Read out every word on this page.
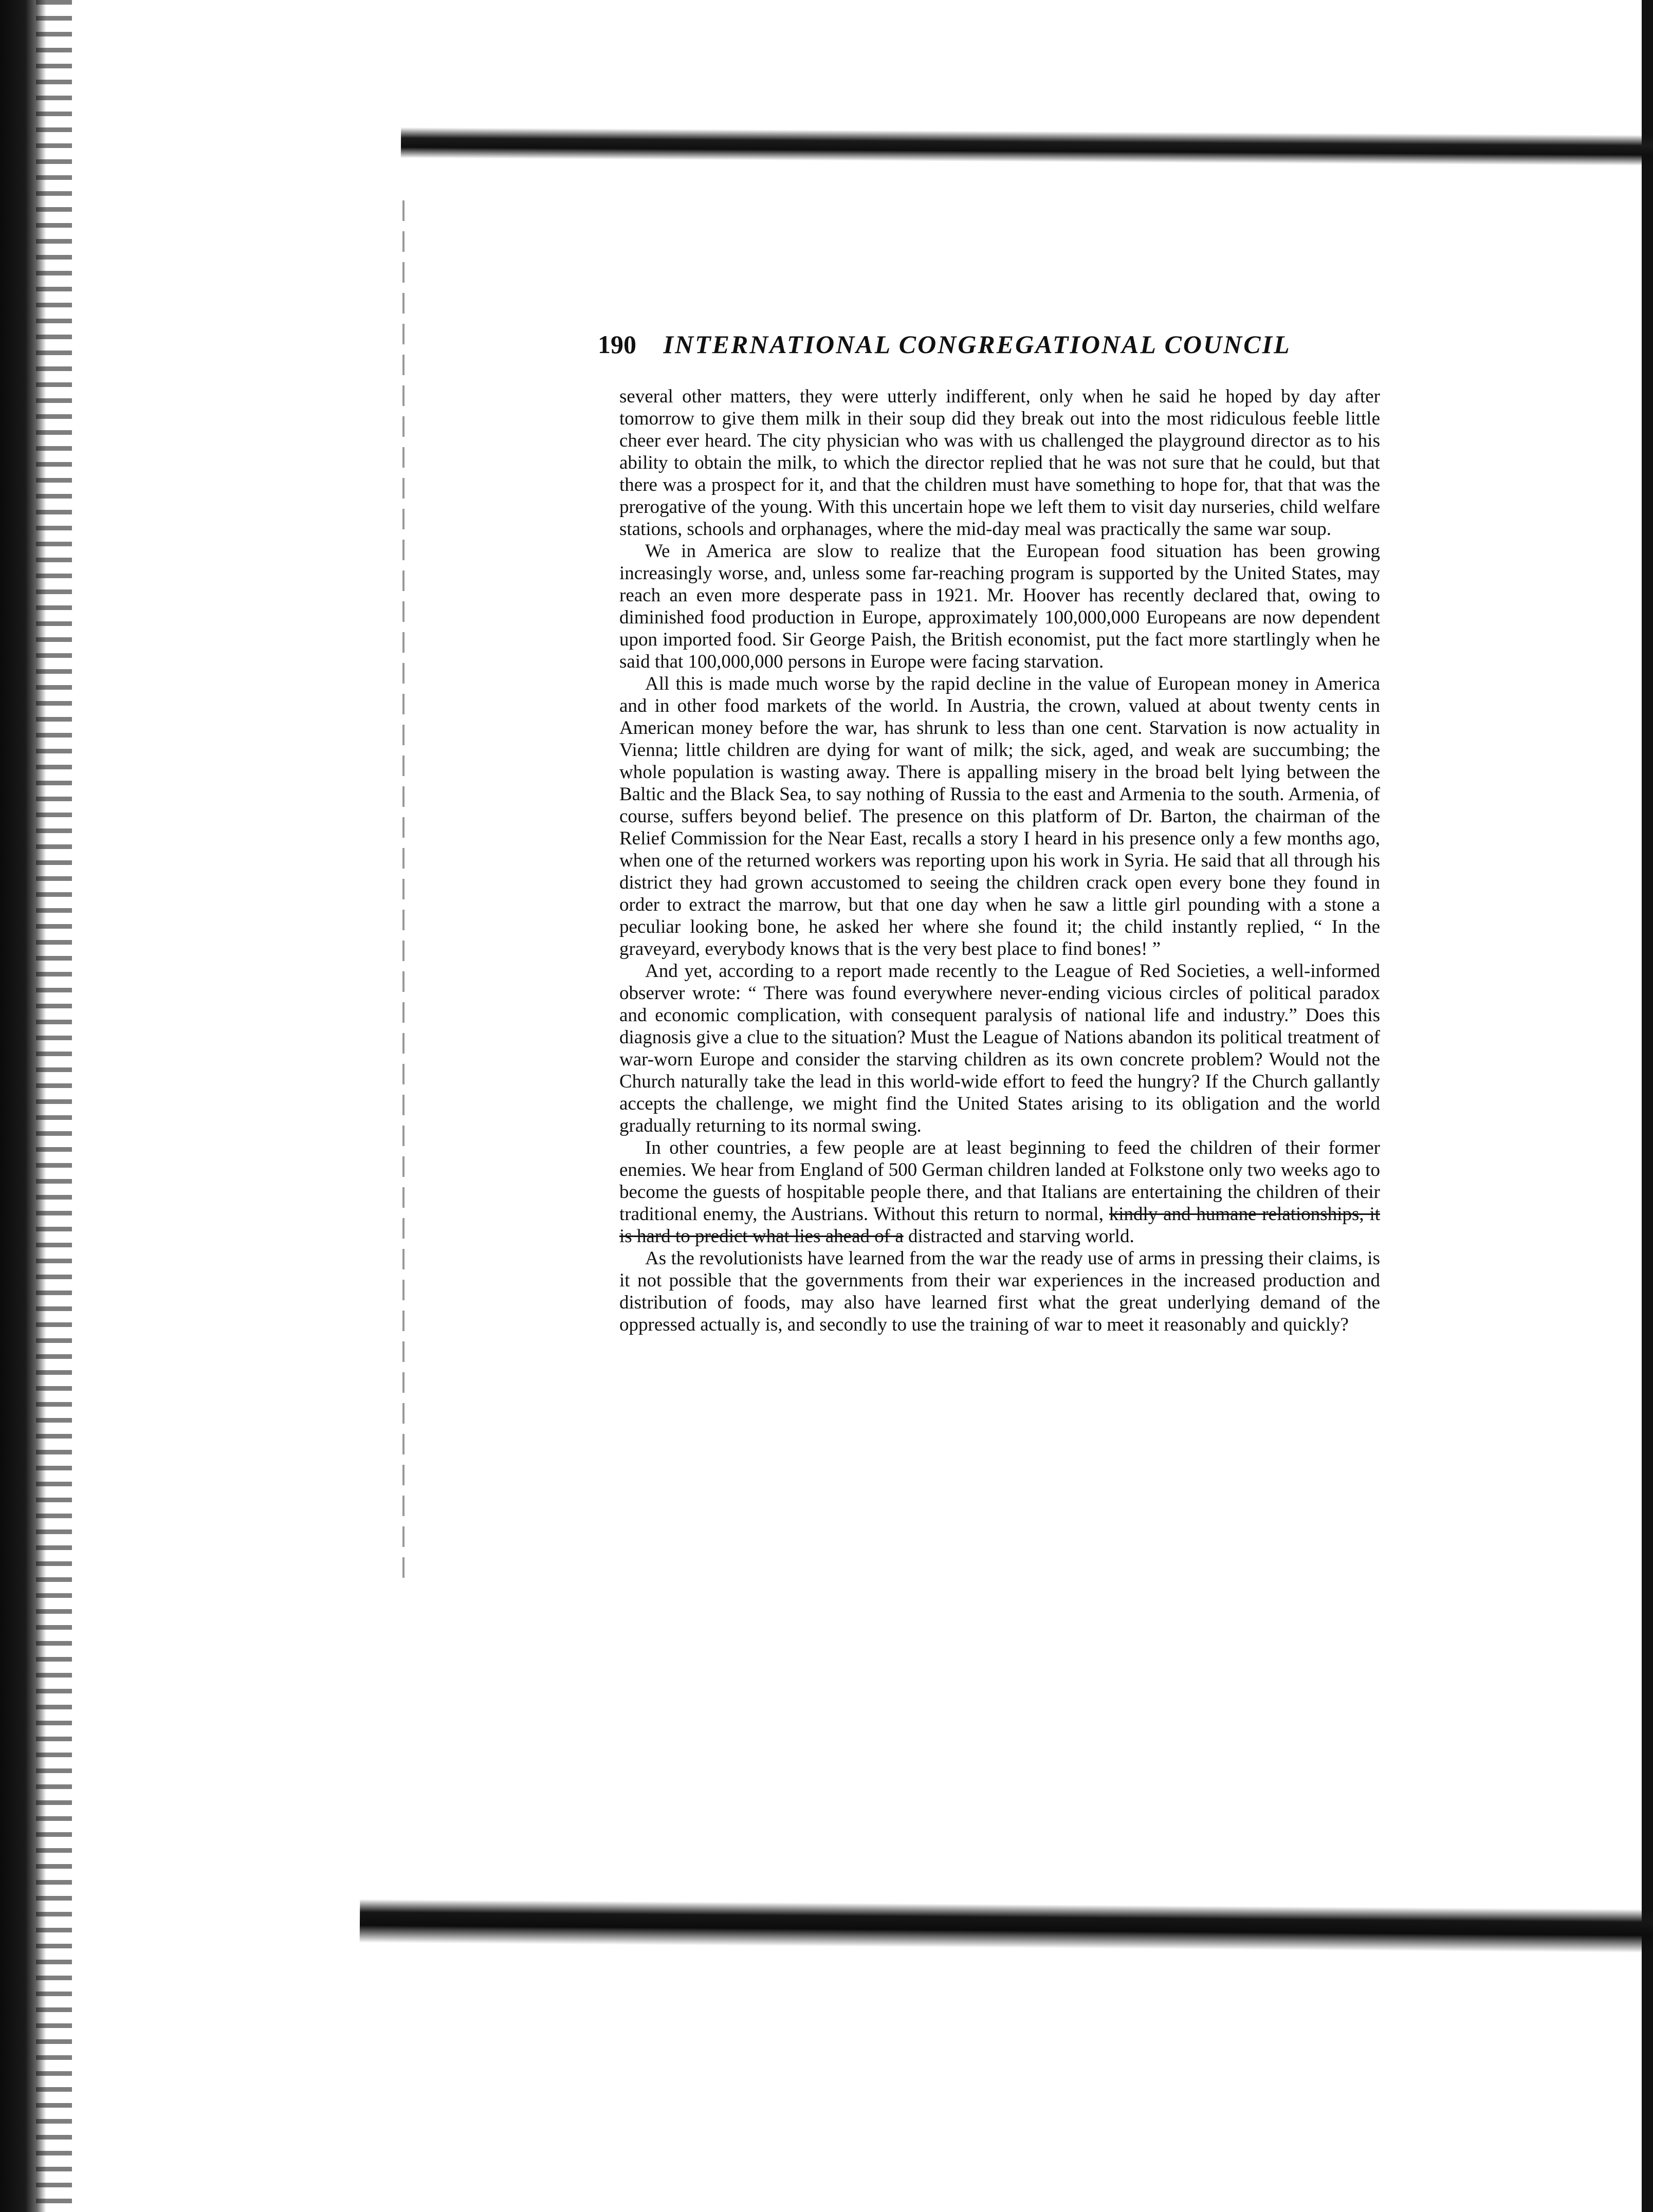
190 INTERNATIONAL CONGREGATIONAL COUNCIL

several other matters, they were utterly indifferent, only when he said he hoped by day after tomorrow to give them milk in their soup did they break out into the most ridiculous feeble little cheer ever heard. The city physician who was with us challenged the playground director as to his ability to obtain the milk, to which the director replied that he was not sure that he could, but that there was a prospect for it, and that the children must have something to hope for, that that was the prerogative of the young. With this uncertain hope we left them to visit day nurseries, child welfare stations, schools and orphanages, where the mid-day meal was practically the same war soup.

We in America are slow to realize that the European food situation has been growing increasingly worse, and, unless some far-reaching program is supported by the United States, may reach an even more desperate pass in 1921. Mr. Hoover has recently declared that, owing to diminished food production in Europe, approximately 100,000,000 Europeans are now dependent upon imported food. Sir George Paish, the British economist, put the fact more startlingly when he said that 100,000,000 persons in Europe were facing starvation.

All this is made much worse by the rapid decline in the value of European money in America and in other food markets of the world. In Austria, the crown, valued at about twenty cents in American money before the war, has shrunk to less than one cent. Starvation is now actuality in Vienna; little children are dying for want of milk; the sick, aged, and weak are succumbing; the whole population is wasting away. There is appalling misery in the broad belt lying between the Baltic and the Black Sea, to say nothing of Russia to the east and Armenia to the south. Armenia, of course, suffers beyond belief. The presence on this platform of Dr. Barton, the chairman of the Relief Commission for the Near East, recalls a story I heard in his presence only a few months ago, when one of the returned workers was reporting upon his work in Syria. He said that all through his district they had grown accustomed to seeing the children crack open every bone they found in order to extract the marrow, but that one day when he saw a little girl pounding with a stone a peculiar looking bone, he asked her where she found it; the child instantly replied, “ In the graveyard, everybody knows that is the very best place to find bones! ”

And yet, according to a report made recently to the League of Red Societies, a well-informed observer wrote: “ There was found everywhere never-ending vicious circles of political paradox and economic complication, with consequent paralysis of national life and industry.” Does this diagnosis give a clue to the situation? Must the League of Nations abandon its political treatment of war-worn Europe and consider the starving children as its own concrete problem? Would not the Church naturally take the lead in this world-wide effort to feed the hungry? If the Church gallantly accepts the challenge, we might find the United States arising to its obligation and the world gradually returning to its normal swing.

In other countries, a few people are at least beginning to feed the children of their former enemies. We hear from England of 500 German children landed at Folkstone only two weeks ago to become the guests of hospitable people there, and that Italians are entertaining the children of their traditional enemy, the Austrians. Without this return to normal, kindly and humane relationships, it is hard to predict what lies ahead of a distracted and starving world.

As the revolutionists have learned from the war the ready use of arms in pressing their claims, is it not possible that the governments from their war experiences in the increased production and distribution of foods, may also have learned first what the great underlying demand of the oppressed actually is, and secondly to use the training of war to meet it reasonably and quickly?
